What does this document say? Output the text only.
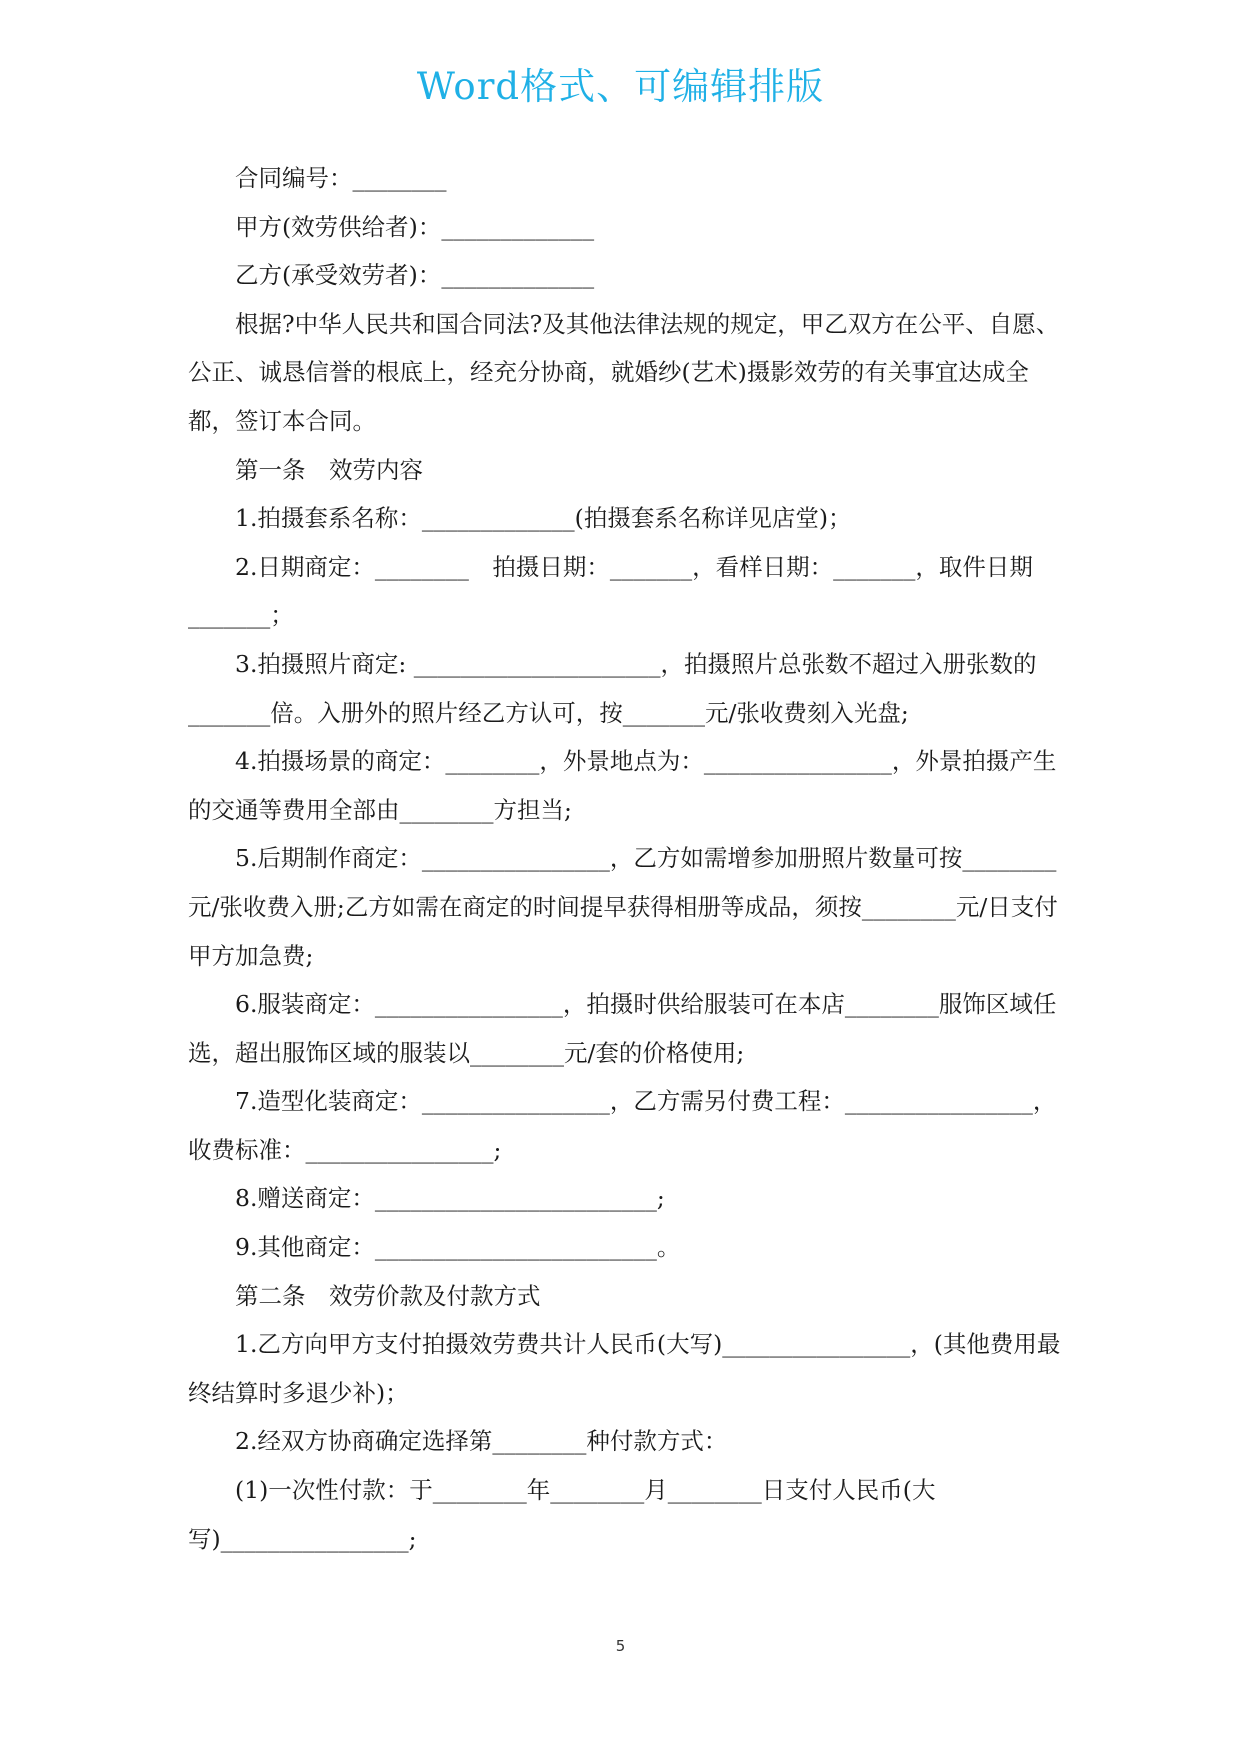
Word格式、可编辑排版

合同编号：________

甲方(效劳供给者)：_____________

乙方(承受效劳者)：_____________

根据?中华人民共和国合同法?及其他法律法规的规定，甲乙双方在公平、自愿、公正、诚恳信誉的根底上，经充分协商，就婚纱(艺术)摄影效劳的有关事宜达成全都，签订本合同。

第一条　效劳内容

1.拍摄套系名称：_____________(拍摄套系名称详见店堂)；

2.日期商定：________　拍摄日期：_______，看样日期：_______，取件日期_______；

3.拍摄照片商定: _____________________，拍摄照片总张数不超过入册张数的_______倍。入册外的照片经乙方认可，按_______元/张收费刻入光盘;

4.拍摄场景的商定：________，外景地点为：________________，外景拍摄产生的交通等费用全部由________方担当;

5.后期制作商定：________________，乙方如需增参加册照片数量可按________元/张收费入册;乙方如需在商定的时间提早获得相册等成品，须按________元/日支付甲方加急费;

6.服装商定：________________，拍摄时供给服装可在本店________服饰区域任选，超出服饰区域的服装以________元/套的价格使用;

7.造型化装商定：________________，乙方需另付费工程：________________，收费标准：________________;

8.赠送商定：________________________;

9.其他商定：________________________。

第二条　效劳价款及付款方式

1.乙方向甲方支付拍摄效劳费共计人民币(大写)________________，(其他费用最终结算时多退少补)；

2.经双方协商确定选择第________种付款方式：

(1)一次性付款：于________年________月________日支付人民币(大写)________________;

5
